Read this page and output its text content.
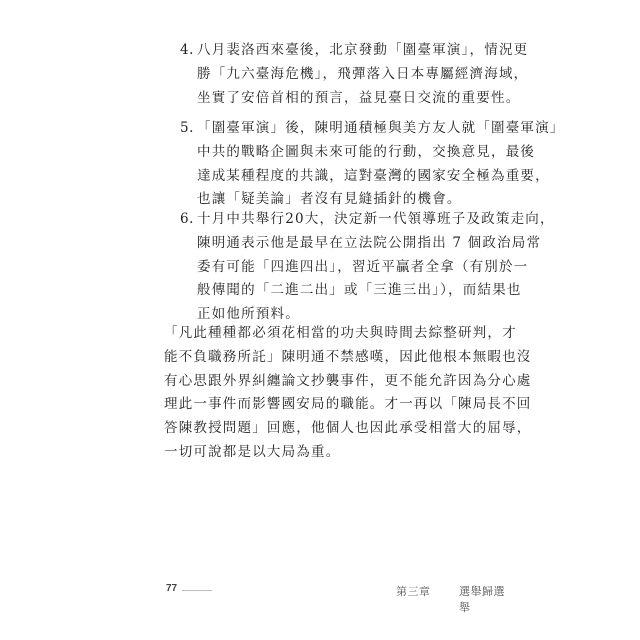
4. 八月裴洛西來臺後，北京發動「圍臺軍演」，情況更
勝「九六臺海危機」，飛彈落入日本專屬經濟海域，
坐實了安倍首相的預言，益見臺日交流的重要性。
5. 「圍臺軍演」後，陳明通積極與美方友人就「圍臺軍演」
中共的戰略企圖與未來可能的行動，交換意見，最後
達成某種程度的共識，這對臺灣的國家安全極為重要，
也讓「疑美論」者沒有見縫插針的機會。
6. 十月中共舉行20大，決定新一代領導班子及政策走向，
陳明通表示他是最早在立法院公開指出 7 個政治局常
委有可能「四進四出」，習近平贏者全拿（有別於一
般傳聞的「二進二出」或「三進三出」），而結果也
正如他所預料。
「凡此種種都必須花相當的功夫與時間去綜整研判，才
能不負職務所託」陳明通不禁感嘆，因此他根本無暇也沒
有心思跟外界糾纏論文抄襲事件，更不能允許因為分心處
理此一事件而影響國安局的職能。才一再以「陳局長不回
答陳教授問題」回應，他個人也因此承受相當大的屈辱，
一切可說都是以大局為重。
77	第三章	選舉歸選舉
